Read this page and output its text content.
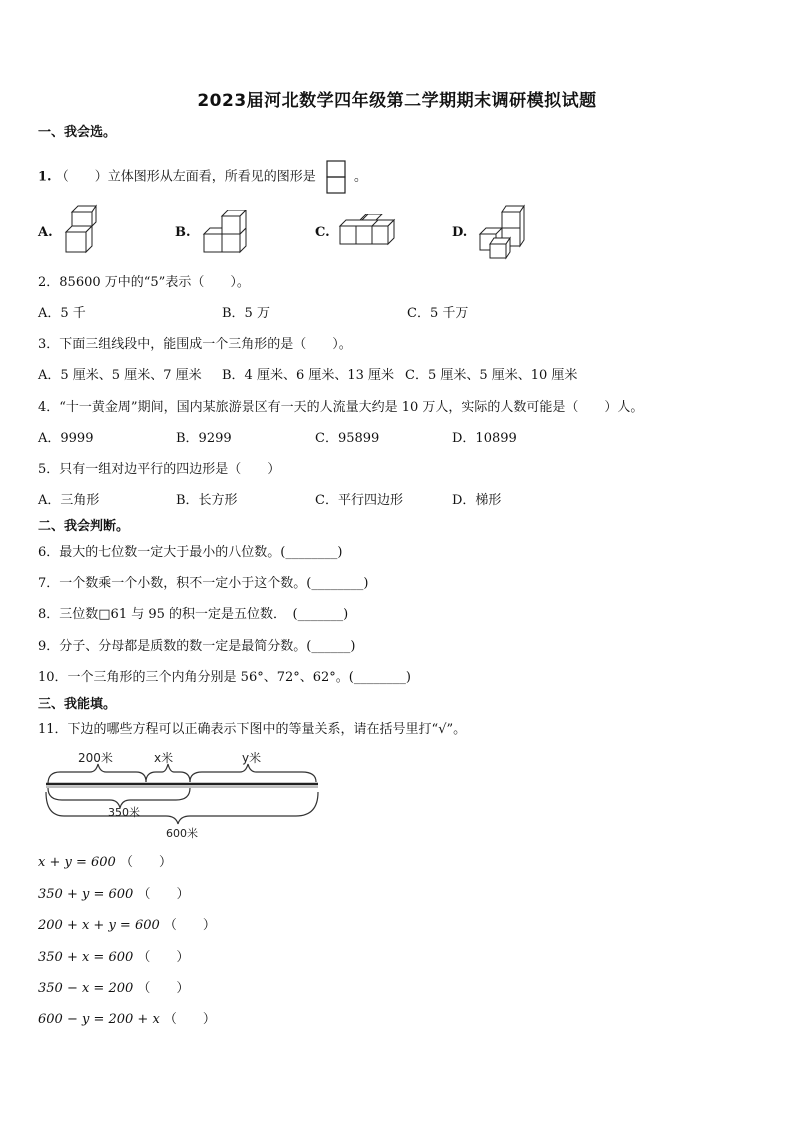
2023届河北数学四年级第二学期期末调研模拟试题
一、我会选。
1. （　　）立体图形从左面看，所看见的图形是	。
A.	B.	C.	D.
2．85600 万中的“5”表示（　　）。
A．5 千	B．5 万	C．5 千万
3．下面三组线段中，能围成一个三角形的是（　　）。
A．5 厘米、5 厘米、7 厘米 B．4 厘米、6 厘米、13 厘米 C．5 厘米、5 厘米、10 厘米
4．“十一黄金周”期间，国内某旅游景区有一天的人流量大约是 10 万人，实际的人数可能是（　　）人。
A．9999	B．9299	C．95899	D．10899
5．只有一组对边平行的四边形是（　　）
A．三角形	B．长方形	C．平行四边形	D．梯形
二、我会判断。
6．最大的七位数一定大于最小的八位数。(________)
7．一个数乘一个小数，积不一定小于这个数。(________)
8．三位数□61 与 95 的积一定是五位数．　(_______)
9．分子、分母都是质数的数一定是最简分数。(______)
10．一个三角形的三个内角分别是 56°、72°、62°。(________)
三、我能填。
11．下边的哪些方程可以正确表示下图中的等量关系，请在括号里打“√”。
200米	x米	y米
350米
600米
x + y = 600 （　　）
350 + y = 600 （　　）
200 + x + y = 600 （　　）
350 + x = 600 （　　）
350 − x = 200 （　　）
600 − y = 200 + x （　　）
